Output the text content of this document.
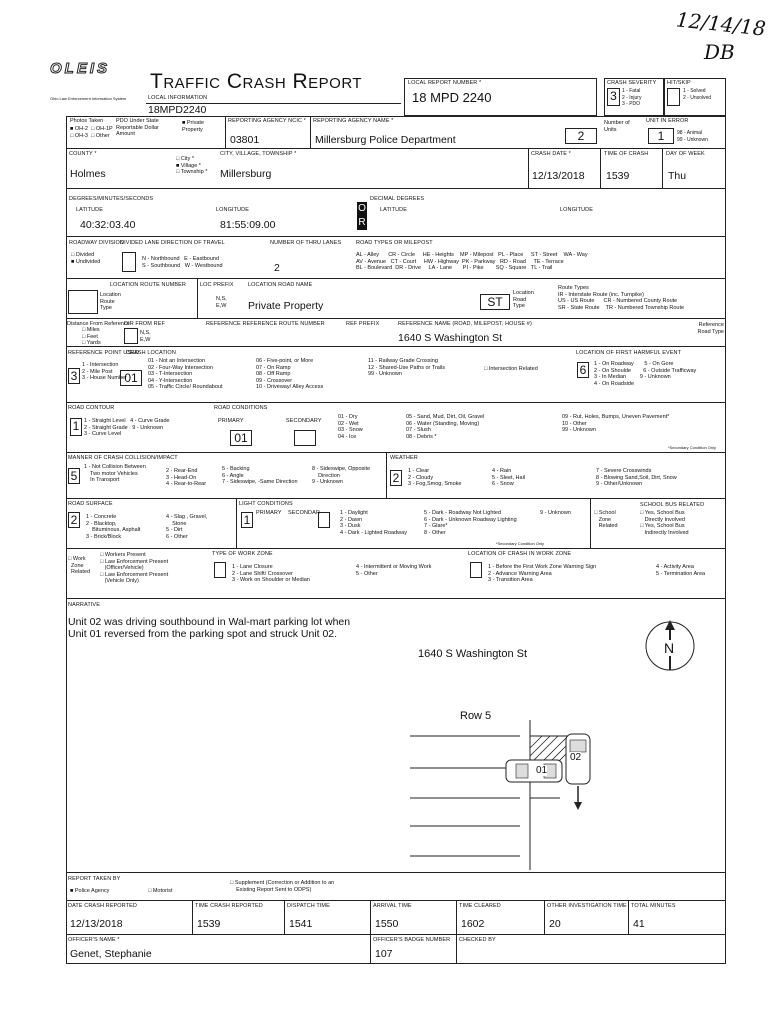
12/14/18
DB
OLEIS
Ohio Law Enforcement Information System
Traffic Crash Report
LOCAL INFORMATION
18MPD2240
LOCAL REPORT NUMBER *
18 MPD 2240
CRASH SEVERITY
3	1 - Fatal
2 - Injury
3 - PDO
HIT/SKIP
1 - Solved
2 - Unsolved
Photos Taken
■ OH-2  □ OH-1P
□ OH-3  □ Other
PDO Under State Reportable Dollar Amount
■ Private Property
REPORTING AGENCY NCIC *
03801
REPORTING AGENCY NAME *
Millersburg Police Department	2
Number of Units
UNIT IN ERROR
1	98 - Animal
99 - Unknown
COUNTY *
Holmes
□ City *
■ Village *
□ Township *
CITY, VILLAGE, TOWNSHIP *
Millersburg
CRASH DATE *
12/13/2018
TIME OF CRASH
1539
DAY OF WEEK
Thu
DEGREES/MINUTES/SECONDS	DECIMAL DEGREES
LATITUDE
40:32:03.40
LONGITUDE
81:55:09.00
O R
LATITUDE	LONGITUDE
ROADWAY DIVISION
□ Divided
■ Undivided
DIVIDED LANE DIRECTION OF TRAVEL
N - Northbound   E - Eastbound
S - Southbound   W - Westbound
NUMBER OF THRU LANES
2
ROAD TYPES OR MILEPOST
AL - Alley      CR - Circle     HE - Heights    MP - Milepost   PL - Place     ST - Street    WA - Way
AV - Avenue   CT - Court     HW - Highway  PK - Parkway   RD - Road     TE - Terrace
BL - Boulevard  DR - Drive     LA - Lane       PI - Pike        SQ - Square   TL - Trail
LOCATION ROUTE NUMBER
Location Route Type
LOC PREFIX
N,S,
E,W
LOCATION ROAD NAME
Private Property	ST
Location Road Type
Route Types
IR - Interstate Route (inc. Turnpike)
US - US Route      CR - Numbered County Route
SR - State Route    TR - Numbered Township Route
Distance From Reference
□ Miles
□ Feet
□ Yards
DIR FROM REF
N,S,
E,W
REFERENCE REFERENCE ROUTE NUMBER	REF PREFIX	REFERENCE NAME (ROAD, MILEPOST, HOUSE #)
1640 S Washington St
Reference Road Type
REFERENCE POINT USED
3
1 - Intersection
2 - Mile Post
3 - House Number
CRASH LOCATION
01
01 - Not an Intersection
02 - Four-Way Intersection
03 - T-Intersection
04 - Y-Intersection
05 - Traffic Circle/ Roundabout
06 - Five-point, or More
07 - On Ramp
08 - Off Ramp
09 - Crossover
10 - Driveway/ Alley Access
11 - Railway Grade Crossing
12 - Shared-Use Paths or Trails
99 - Unknown
□ Intersection Related
LOCATION OF FIRST HARMFUL EVENT
6	1 - On Roadway       5 - On Gore
2 - On Shoulde        6 - Outside Trafficway
3 - In Median         9 - Unknown
4 - On Roadside
ROAD CONTOUR
1 1 - Straight Level   4 - Curve Grade
2 - Straight Grade   9 - Unknown
3 - Curve Level
ROAD CONDITIONS
PRIMARY
01
SECONDARY
01 - Dry
02 - Wet
03 - Snow
04 - Ice
05 - Sand, Mud, Dirt, Oil, Gravel
06 - Water (Standing, Moving)
07 - Slush
08 - Debris *
09 - Rut, Holes, Bumps, Uneven Pavement*
10 - Other
99 - Unknown
*Secondary Condition Only
MANNER OF CRASH COLLISION/IMPACT
5
1 - Not Collision Between
Two motor Vehicles
In Transport
2 - Rear-End
3 - Head-On
4 - Rear-to-Rear
5 - Backing
6 - Angle
7 - Sideswipe, -Same Direction
8 - Sideswipe, Opposite
Direction
9 - Unknown
WEATHER
2	1 - Clear
2 - Cloudy
3 - Fog,Smog, Smoke
4 - Rain
5 - Sleet, Hail
6 - Snow
7 - Severe Crosswinds
8 - Blowing Sand,Soil, Dirt, Snow
9 - Other/Unknown
ROAD SURFACE
2	1 - Concrete
2 - Blacktop,
Bituminous, Asphalt
3 - Brick/Block
4 - Slag , Gravel,
Stone
5 - Dirt
6 - Other
LIGHT CONDITIONS
1	PRIMARY SECONDAR	1 - Daylight
2 - Dawn
3 - Dusk
4 - Dark - Lighted Roadway
5 - Dark - Roadway Not Lighted
6 - Dark - Unknown Roadway Lighting
7 - Glare*
8 - Other
9 - Unknown
*Secondary Condition Only
□ School
Zone
Related
SCHOOL BUS RELATED
□ Yes, School Bus
Directly Involved
□ Yes, School Bus
Indirectly Involved
□ Work
Zone
Related
□ Workers Present
□ Law Enforcement Present
(Officer/Vehicle)
□ Law Enforcement Present
(Vehicle Only)
TYPE OF WORK ZONE
1 - Lane Closure
2 - Lane Shift/ Crossover
3 - Work on Shoulder or Median
4 - Intermittent or Moving Work
5 - Other
LOCATION OF CRASH IN WORK ZONE
1 - Before the First Work Zone Warning Sign
2 - Advance Warning Area
3 - Transition Area
4 - Activity Area
5 - Termination Area
NARRATIVE
Unit 02 was driving southbound in Wal-mart parking lot when Unit 01 reversed from the parking spot and struck Unit 02.
1640 S Washington St
Row 5
N
01
02
REPORT TAKEN BY
■ Police Agency	□ Motorist
□ Supplement (Correction or Addition to an
Existing Report Sent to ODPS)
DATE CRASH REPORTED
12/13/2018
TIME CRASH REPORTED
1539
DISPATCH TIME
1541
ARRIVAL TIME
1550
TIME CLEARED
1602
OTHER INVESTIGATION TIME
20
TOTAL MINUTES
41
OFFICER'S NAME *
Genet, Stephanie
OFFICER'S BADGE NUMBER
107
CHECKED BY
